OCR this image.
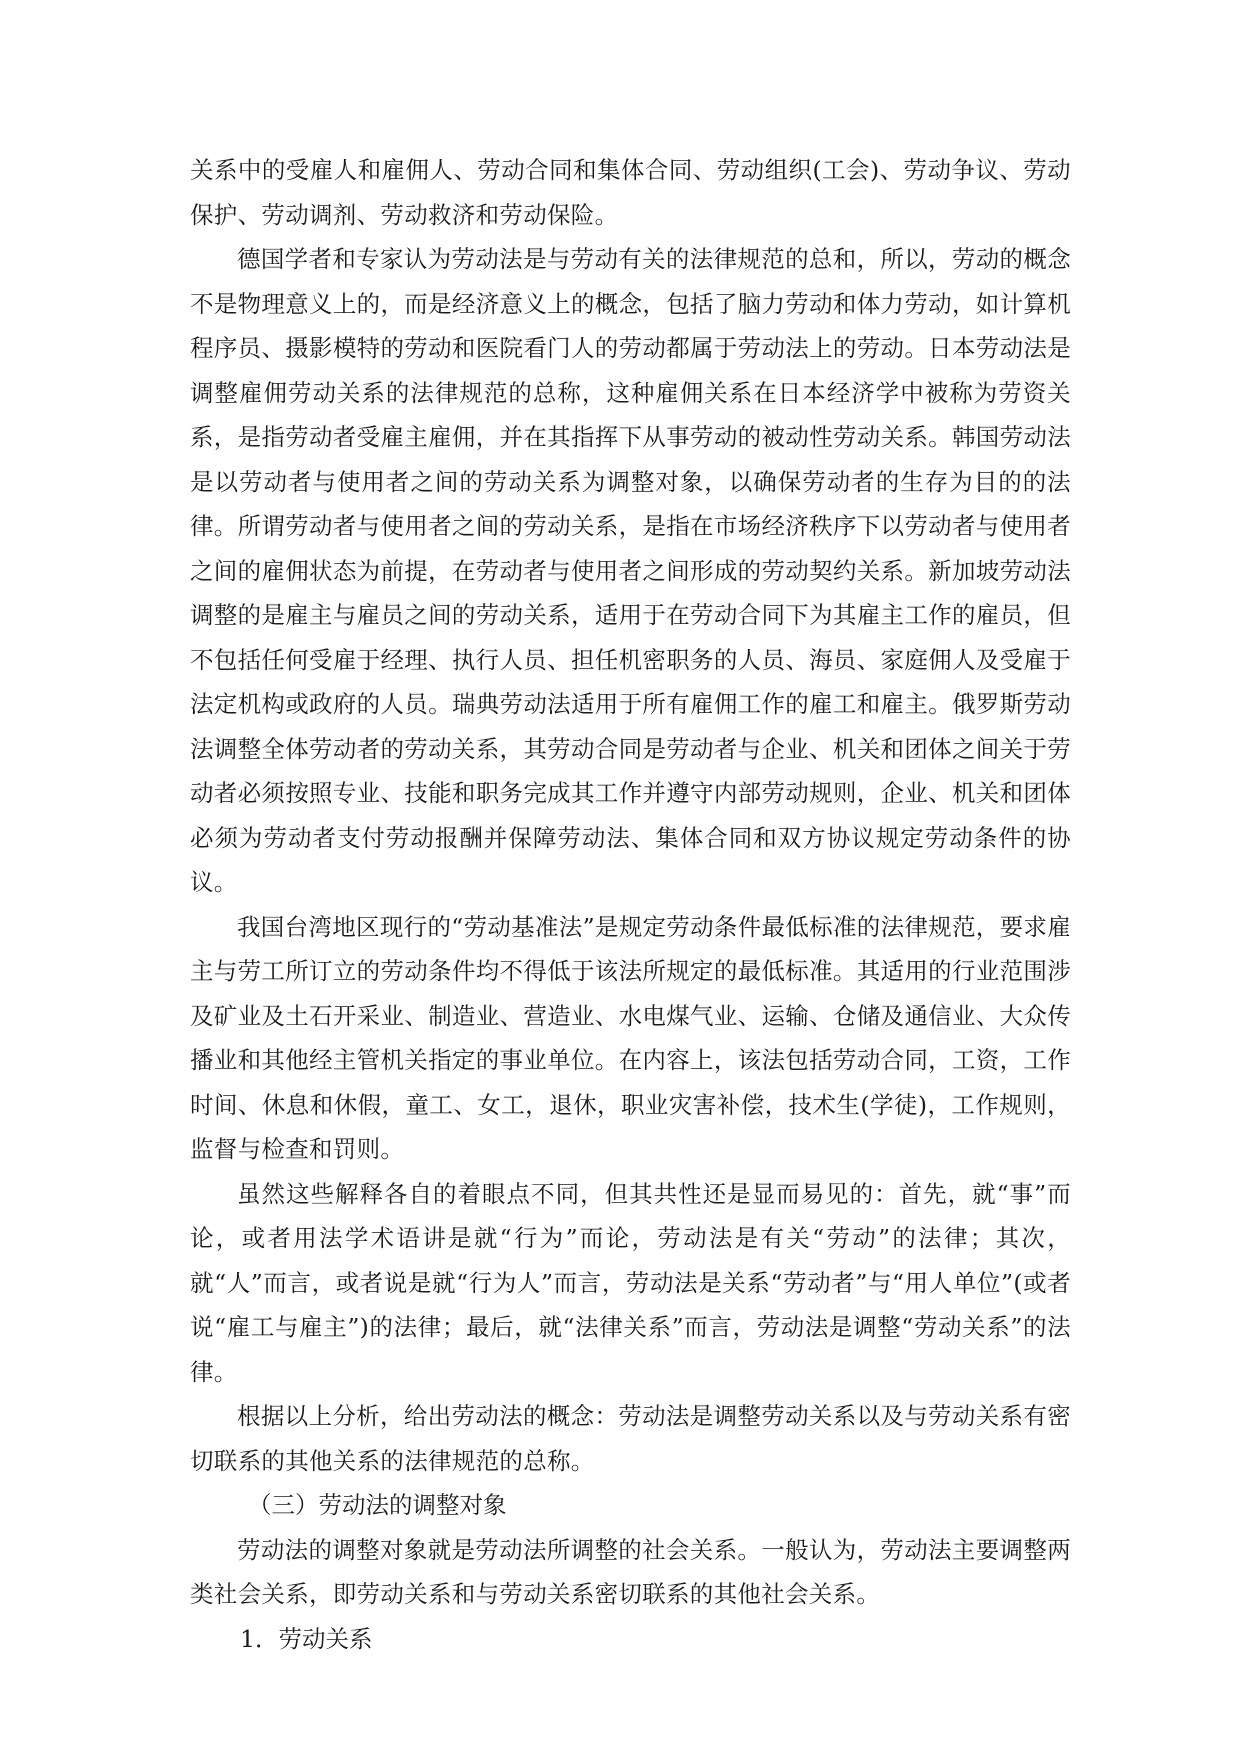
关系中的受雇人和雇佣人、劳动合同和集体合同、劳动组织(工会)、劳动争议、劳动保护、劳动调剂、劳动救济和劳动保险。

德国学者和专家认为劳动法是与劳动有关的法律规范的总和，所以，劳动的概念不是物理意义上的，而是经济意义上的概念，包括了脑力劳动和体力劳动，如计算机程序员、摄影模特的劳动和医院看门人的劳动都属于劳动法上的劳动。日本劳动法是调整雇佣劳动关系的法律规范的总称，这种雇佣关系在日本经济学中被称为劳资关系，是指劳动者受雇主雇佣，并在其指挥下从事劳动的被动性劳动关系。韩国劳动法是以劳动者与使用者之间的劳动关系为调整对象，以确保劳动者的生存为目的的法律。所谓劳动者与使用者之间的劳动关系，是指在市场经济秩序下以劳动者与使用者之间的雇佣状态为前提，在劳动者与使用者之间形成的劳动契约关系。新加坡劳动法调整的是雇主与雇员之间的劳动关系，适用于在劳动合同下为其雇主工作的雇员，但不包括任何受雇于经理、执行人员、担任机密职务的人员、海员、家庭佣人及受雇于法定机构或政府的人员。瑞典劳动法适用于所有雇佣工作的雇工和雇主。俄罗斯劳动法调整全体劳动者的劳动关系，其劳动合同是劳动者与企业、机关和团体之间关于劳动者必须按照专业、技能和职务完成其工作并遵守内部劳动规则，企业、机关和团体必须为劳动者支付劳动报酬并保障劳动法、集体合同和双方协议规定劳动条件的协议。

我国台湾地区现行的“劳动基准法”是规定劳动条件最低标准的法律规范，要求雇主与劳工所订立的劳动条件均不得低于该法所规定的最低标准。其适用的行业范围涉及矿业及土石开采业、制造业、营造业、水电煤气业、运输、仓储及通信业、大众传播业和其他经主管机关指定的事业单位。在内容上，该法包括劳动合同，工资，工作时间、休息和休假，童工、女工，退休，职业灾害补偿，技术生(学徒)，工作规则，监督与检查和罚则。

虽然这些解释各自的着眼点不同，但其共性还是显而易见的：首先，就“事”而论，或者用法学术语讲是就“行为”而论，劳动法是有关“劳动”的法律；其次，就“人”而言，或者说是就“行为人”而言，劳动法是关系“劳动者”与“用人单位”(或者说“雇工与雇主”)的法律；最后，就“法律关系”而言，劳动法是调整“劳动关系”的法律。

根据以上分析，给出劳动法的概念：劳动法是调整劳动关系以及与劳动关系有密切联系的其他关系的法律规范的总称。

（三）劳动法的调整对象

劳动法的调整对象就是劳动法所调整的社会关系。一般认为，劳动法主要调整两类社会关系，即劳动关系和与劳动关系密切联系的其他社会关系。

1．劳动关系
